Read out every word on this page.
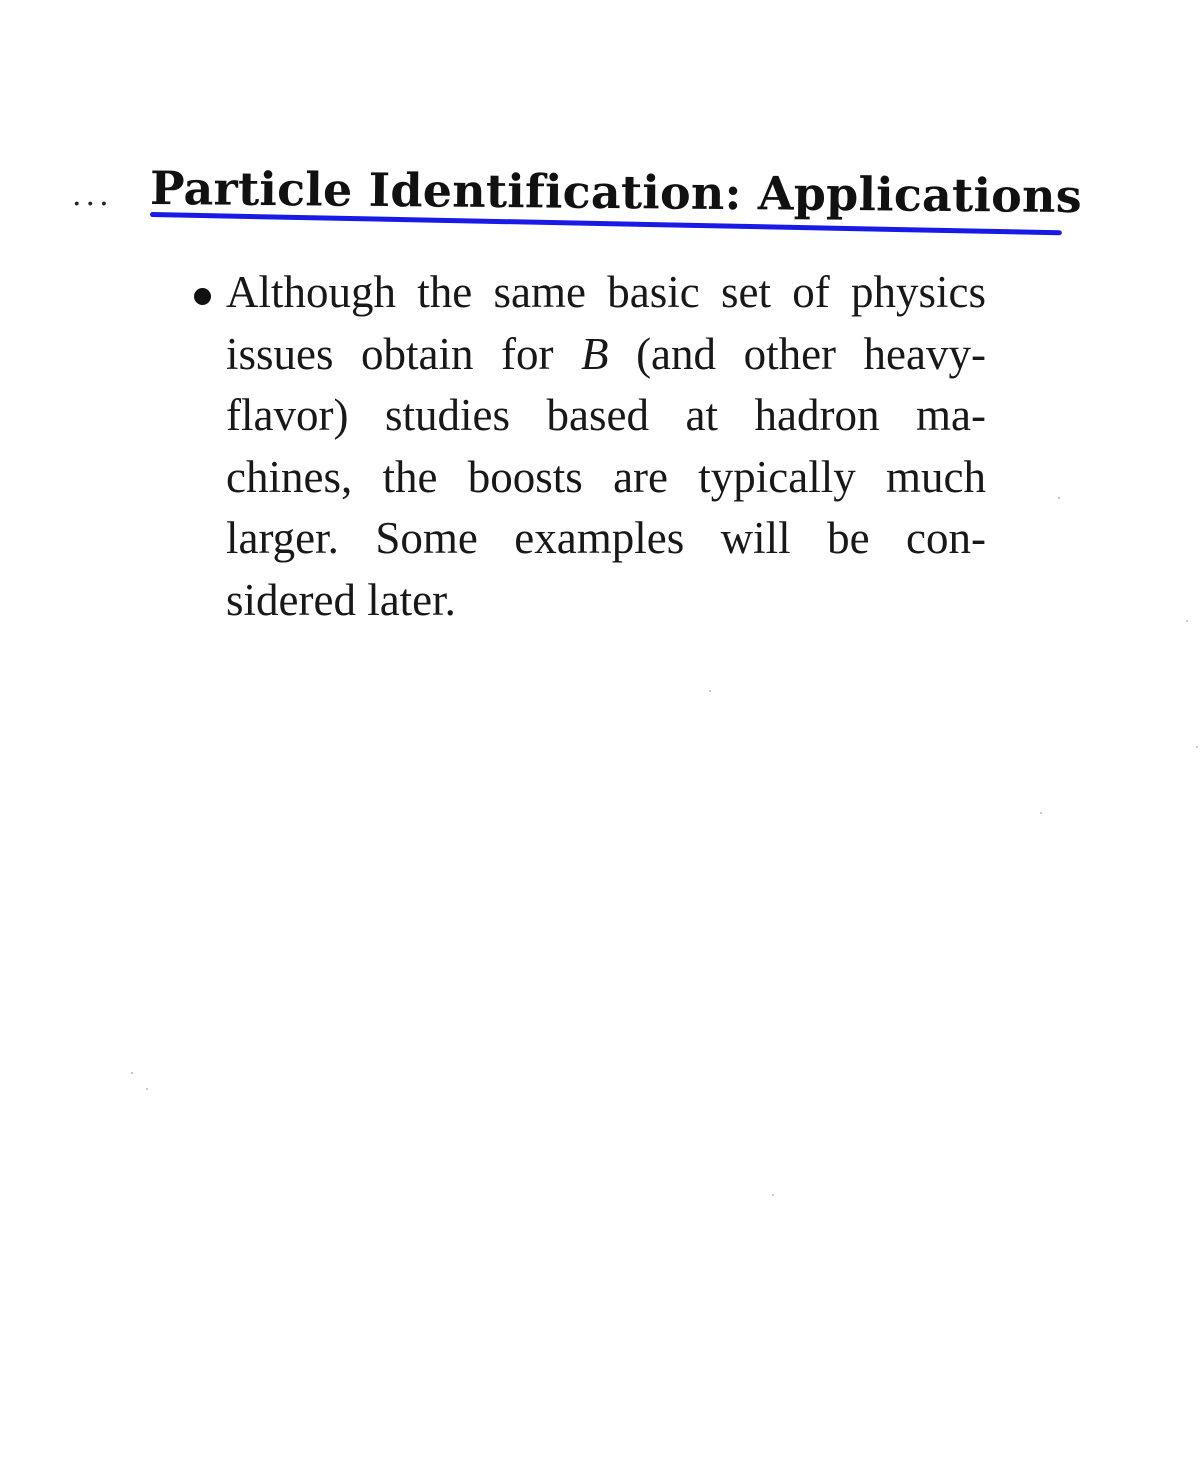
... Particle Identification: Applications
Although the same basic set of physics
issues obtain for B (and other heavy-
flavor) studies based at hadron ma-
chines, the boosts are typically much
larger. Some examples will be con-
sidered later.
